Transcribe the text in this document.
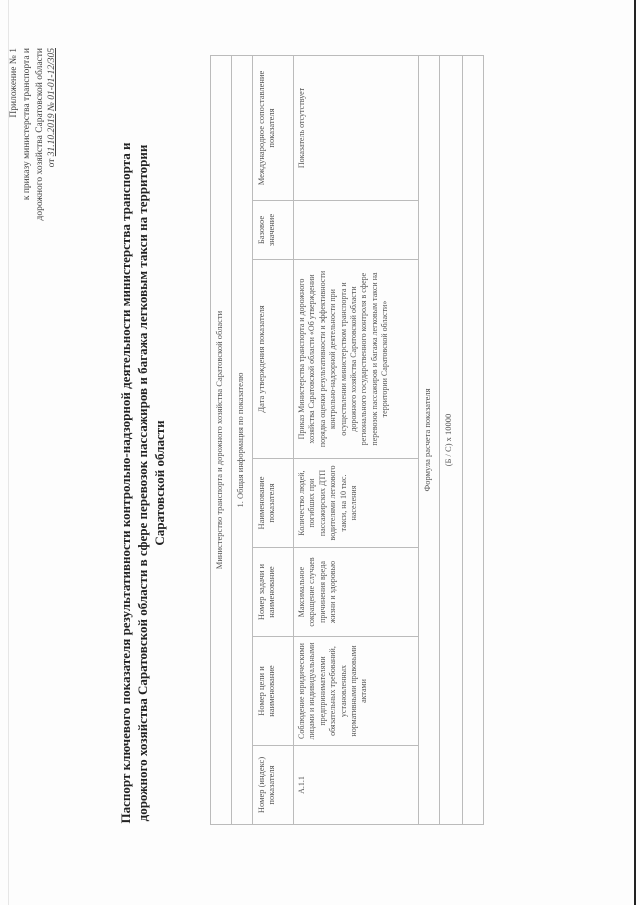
Приложение № 1 к приказу министерства транспорта и дорожного хозяйства Саратовской области от 31.10.2019 № 01-01-12/305
Паспорт ключевого показателя результативности контрольно-надзорной деятельности министерства транспорта и дорожного хозяйства Саратовской области в сфере перевозок пассажиров и багажа легковым такси на территории Саратовской области	Министерство транспорта и дорожного хозяйства Саратовской области						
1. Общая информация по показателю						
Номер (индекс) показателя	Номер цели и наименование	Номер задачи и наименование	Наименование показателя	Дата утверждения показателя	Базовое значение	Международное сопоставление показателя
А.1.1	Соблюдение юридическими лицами и индивидуальными предпринимателями обязательных требований, установленных нормативными правовыми актами	Максимальное сокращение случаев причинения вреда жизни и здоровью	Количество людей, погибших при пассажирских ДТП водителями легкового такси, на 10 тыс. населения	Приказ Министерства транспорта и дорожного хозяйства Саратовской области «Об утверждении порядка оценки результативности и эффективности контрольно-надзорной деятельности при осуществлении министерством транспорта и дорожного хозяйства Саратовской области регионального государственного контроля в сфере перевозок пассажиров и багажа легковым такси на территории Саратовской области»		Показатель отсутствует
Формула расчета показателя						
(Б / С) х 10000						
